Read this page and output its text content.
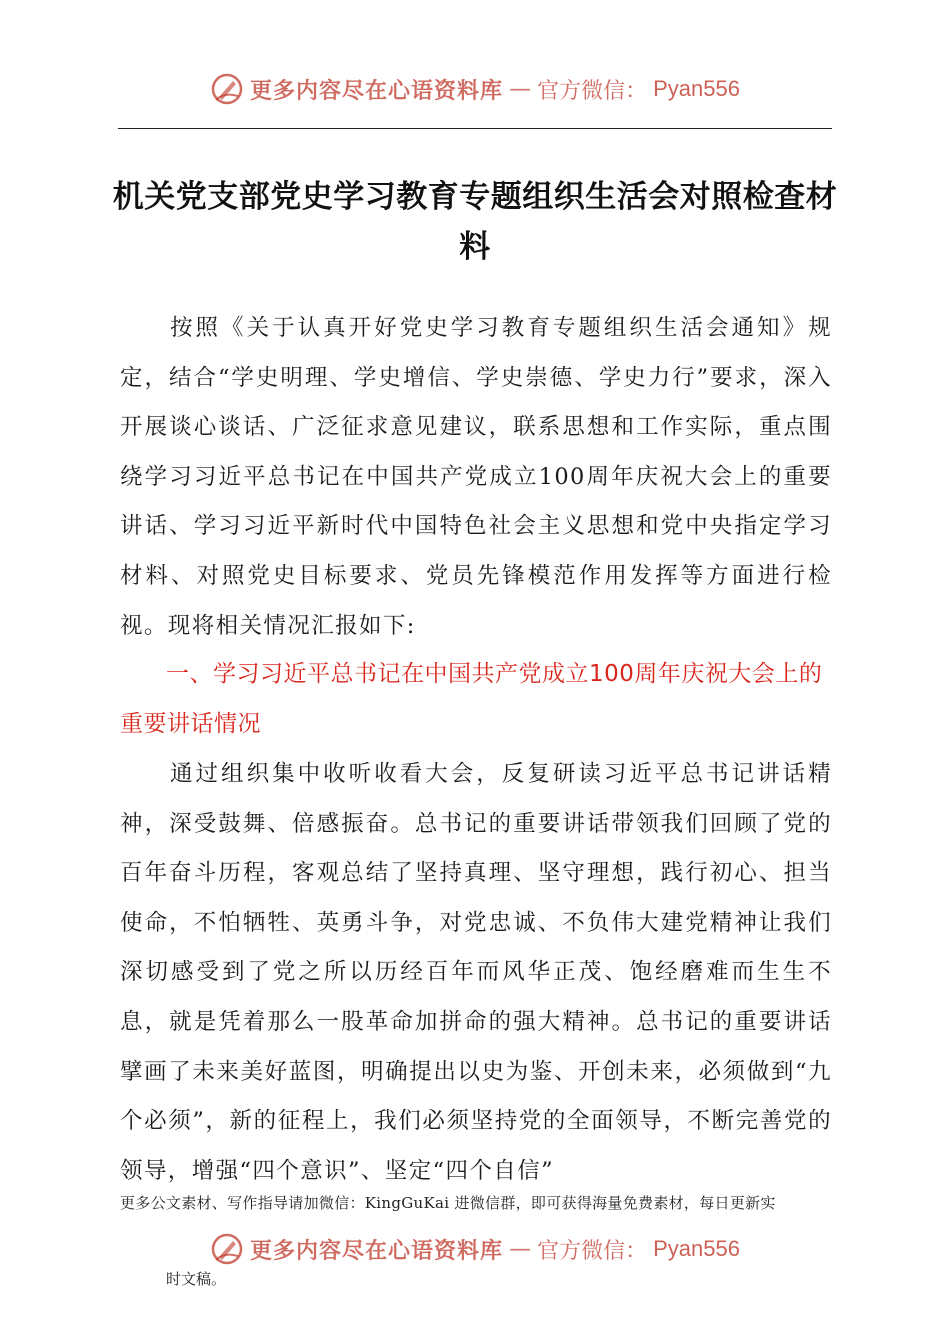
更多内容尽在心语资料库 — 官方微信： Pyan556
机关党支部党史学习教育专题组织生活会对照检查材料
按照《关于认真开好党史学习教育专题组织生活会通知》规定，结合“学史明理、学史增信、学史崇德、学史力行”要求，深入开展谈心谈话、广泛征求意见建议，联系思想和工作实际，重点围绕学习习近平总书记在中国共产党成立100周年庆祝大会上的重要讲话、学习习近平新时代中国特色社会主义思想和党中央指定学习材料、对照党史目标要求、党员先锋模范作用发挥等方面进行检视。现将相关情况汇报如下:
一、学习习近平总书记在中国共产党成立100周年庆祝大会上的重要讲话情况
通过组织集中收听收看大会，反复研读习近平总书记讲话精神，深受鼓舞、倍感振奋。总书记的重要讲话带领我们回顾了党的百年奋斗历程，客观总结了坚持真理、坚守理想，践行初心、担当使命，不怕牺牲、英勇斗争，对党忠诚、不负伟大建党精神让我们深切感受到了党之所以历经百年而风华正茂、饱经磨难而生生不息，就是凭着那么一股革命加拼命的强大精神。总书记的重要讲话擘画了未来美好蓝图，明确提出以史为鉴、开创未来，必须做到“九个必须”，新的征程上，我们必须坚持党的全面领导，不断完善党的领导，增强“四个意识”、坚定“四个自信”
更多公文素材、写作指导请加微信：KingGuKai 进微信群，即可获得海量免费素材，每日更新实
更多内容尽在心语资料库 — 官方微信： Pyan556
时文稿。
